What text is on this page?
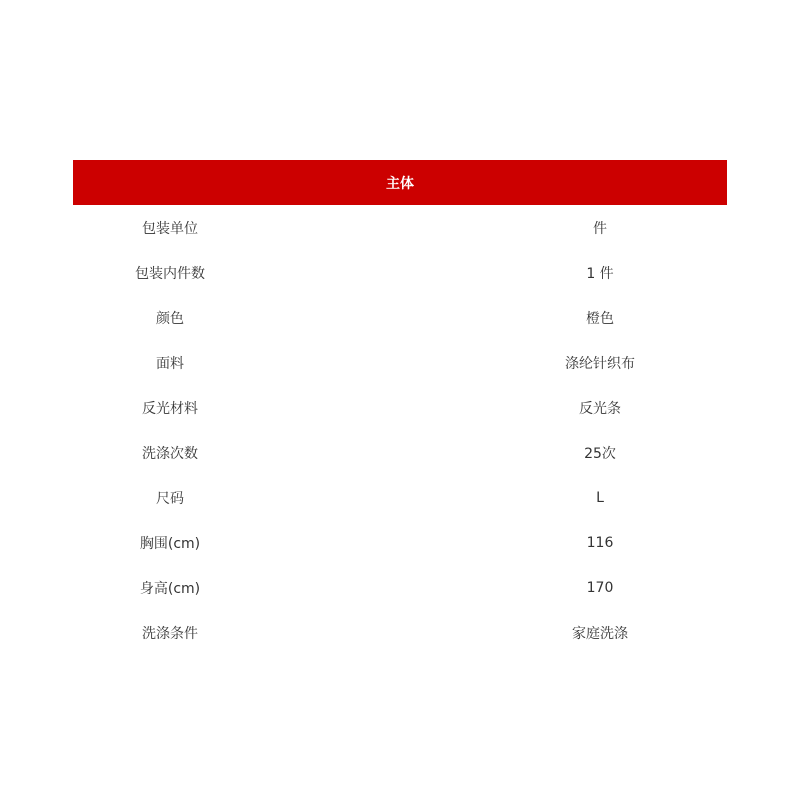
主体
包装单位	件
包装内件数	1 件
颜色	橙色
面料	涤纶针织布
反光材料	反光条
洗涤次数	25次
尺码	L
胸围(cm)	116
身高(cm)	170
洗涤条件	家庭洗涤
